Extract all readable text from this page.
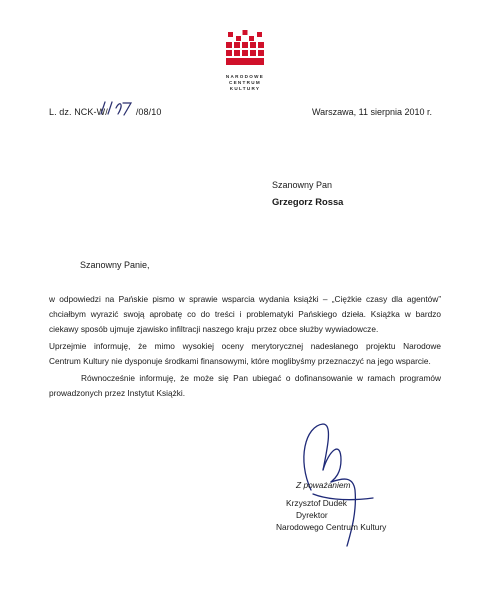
NARODOWE
CENTRUM
KULTURY
L. dz. NCK-W/	/08/10	Warszawa, 11 sierpnia 2010 r.
Szanowny Pan
Grzegorz Rossa
Szanowny Panie,
w odpowiedzi na Pańskie pismo w sprawie wsparcia wydania książki – „Ciężkie czasy dla agentów”
chciałbym wyrazić swoją aprobatę co do treści i problematyki Pańskiego dzieła. Książka w bardzo
ciekawy sposób ujmuje zjawisko infiltracji naszego kraju przez obce służby wywiadowcze.
Uprzejmie informuję, że mimo wysokiej oceny merytorycznej nadesłanego projektu Narodowe
Centrum Kultury nie dysponuje środkami finansowymi, które moglibyśmy przeznaczyć na jego wsparcie.
Równocześnie informuję, że może się Pan ubiegać o dofinansowanie w ramach programów
prowadzonych przez Instytut Książki.
Z poważaniem
Krzysztof Dudek
Dyrektor
Narodowego Centrum Kultury
